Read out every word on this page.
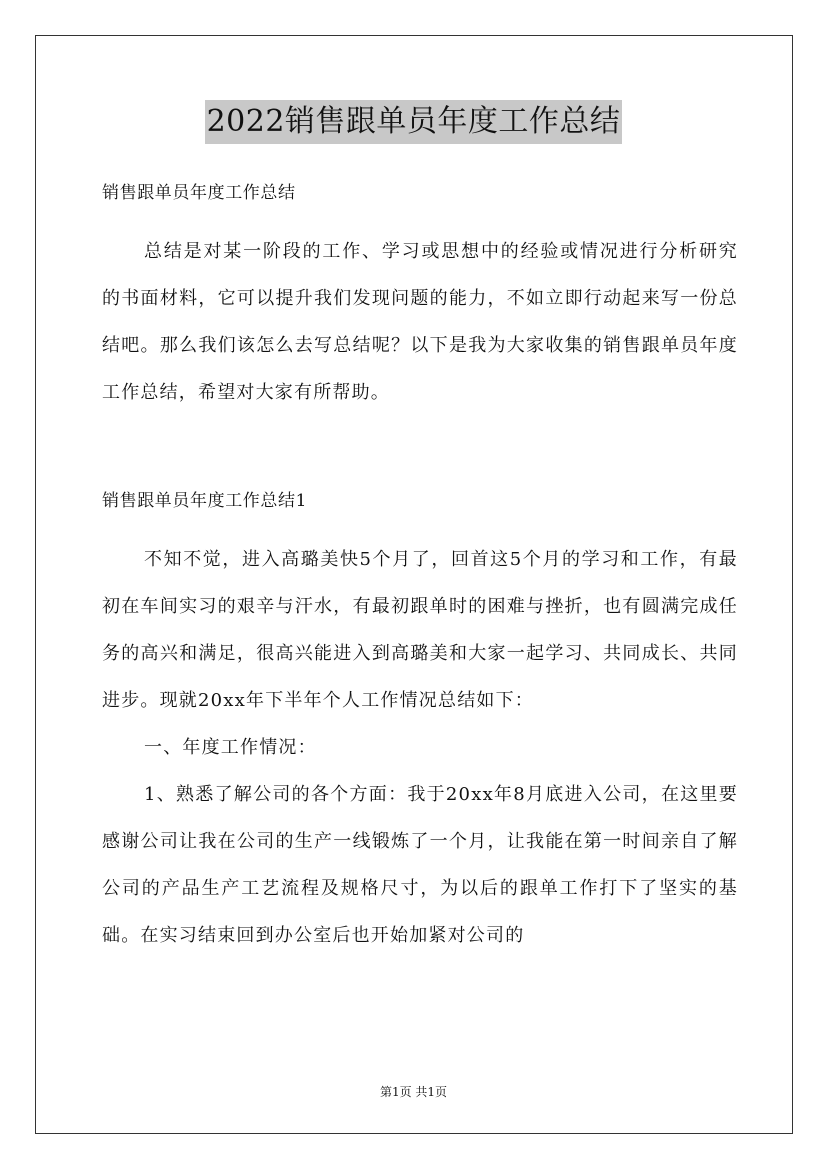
2022销售跟单员年度工作总结

销售跟单员年度工作总结

总结是对某一阶段的工作、学习或思想中的经验或情况进行分析研究的书面材料，它可以提升我们发现问题的能力，不如立即行动起来写一份总结吧。那么我们该怎么去写总结呢？以下是我为大家收集的销售跟单员年度工作总结，希望对大家有所帮助。

销售跟单员年度工作总结1

不知不觉，进入高璐美快5个月了，回首这5个月的学习和工作，有最初在车间实习的艰辛与汗水，有最初跟单时的困难与挫折，也有圆满完成任务的高兴和满足，很高兴能进入到高璐美和大家一起学习、共同成长、共同进步。现就20xx年下半年个人工作情况总结如下：

一、年度工作情况：

1、熟悉了解公司的各个方面：我于20xx年8月底进入公司，在这里要感谢公司让我在公司的生产一线锻炼了一个月，让我能在第一时间亲自了解公司的产品生产工艺流程及规格尺寸，为以后的跟单工作打下了坚实的基础。在实习结束回到办公室后也开始加紧对公司的

第1页 共1页
